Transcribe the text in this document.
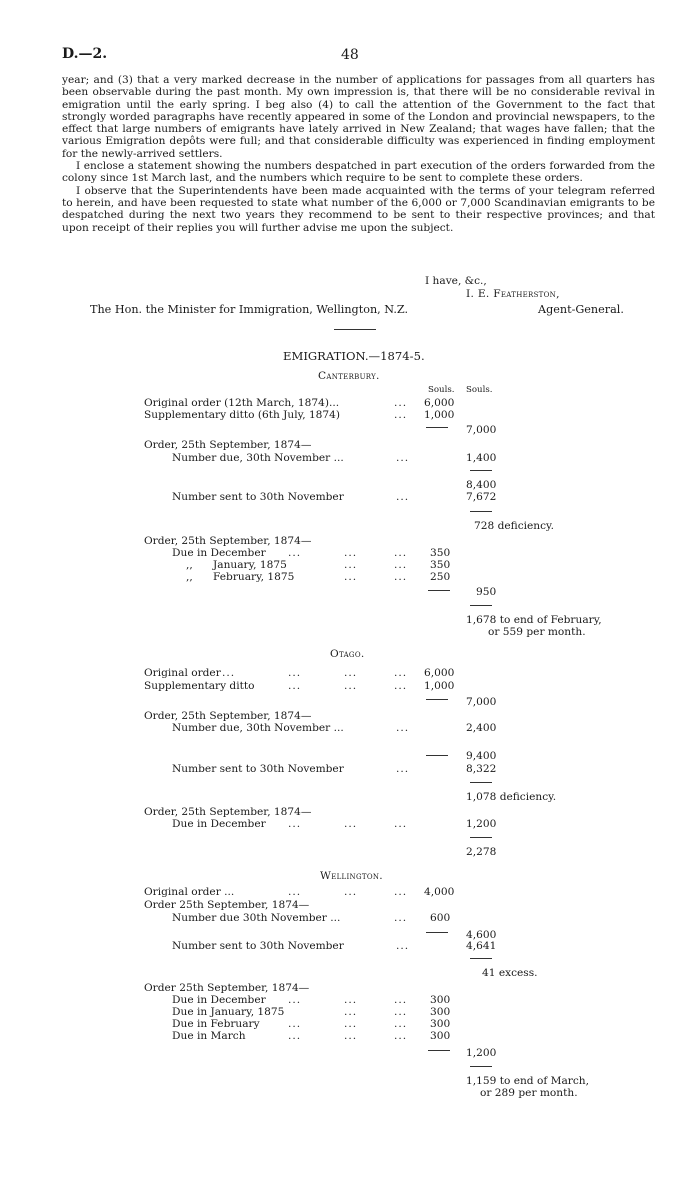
D.—2.	48

year; and (3) that a very marked decrease in the number of applications for passages from all quarters has been observable during the past month. My own impression is, that there will be no considerable revival in emigration until the early spring. I beg also (4) to call the attention of the Government to the fact that strongly worded paragraphs have recently appeared in some of the London and provincial newspapers, to the effect that large numbers of emigrants have lately arrived in New Zealand; that wages have fallen; that the various Emigration depôts were full; and that considerable difficulty was experienced in finding employment for the newly-arrived settlers.

I enclose a statement showing the numbers despatched in part execution of the orders forwarded from the colony since 1st March last, and the numbers which require to be sent to complete these orders.

I observe that the Superintendents have been made acquainted with the terms of your telegram referred to herein, and have been requested to state what number of the 6,000 or 7,000 Scandinavian emigrants to be despatched during the next two years they recommend to be sent to their respective provinces; and that upon receipt of their replies you will further advise me upon the subject.

I have, &c.,
I. E. Featherston,
The Hon. the Minister for Immigration, Wellington, N.Z.	Agent-General.
EMIGRATION.—1874-5.
Canterbury.
Souls. Souls.
Original order (12th March, 1874)...	... 6,000
Supplementary ditto (6th July, 1874)	... 1,000
7,000
Order, 25th September, 1874—
Number due, 30th November ...	...	1,400
8,400
Number sent to 30th November	...	7,672
728 deficiency.
Order, 25th September, 1874—
Due in December ...	...	... 350
,, January, 1875	...	... 350
,, February, 1875	...	... 250
950
1,678 to end of February,
or 559 per month.
Otago.
Original order ...	...	...	... 6,000
Supplementary ditto	...	...	... 1,000
7,000
Order, 25th September, 1874—
Number due, 30th November ...	...	2,400
9,400
Number sent to 30th November	...	8,322
1,078 deficiency.
Order, 25th September, 1874—
Due in December ...	...	...	1,200
2,278
Wellington.
Original order ...	...	...	... 4,000
Order 25th September, 1874—
Number due 30th November ...	... 600
4,600
Number sent to 30th November	...	4,641
41 excess.
Order 25th September, 1874—
Due in December ...	...	... 300
Due in January, 1875	...	... 300
Due in February	...	...	... 300
Due in March	...	...	... 300
1,200
1,159 to end of March,
or 289 per month.
